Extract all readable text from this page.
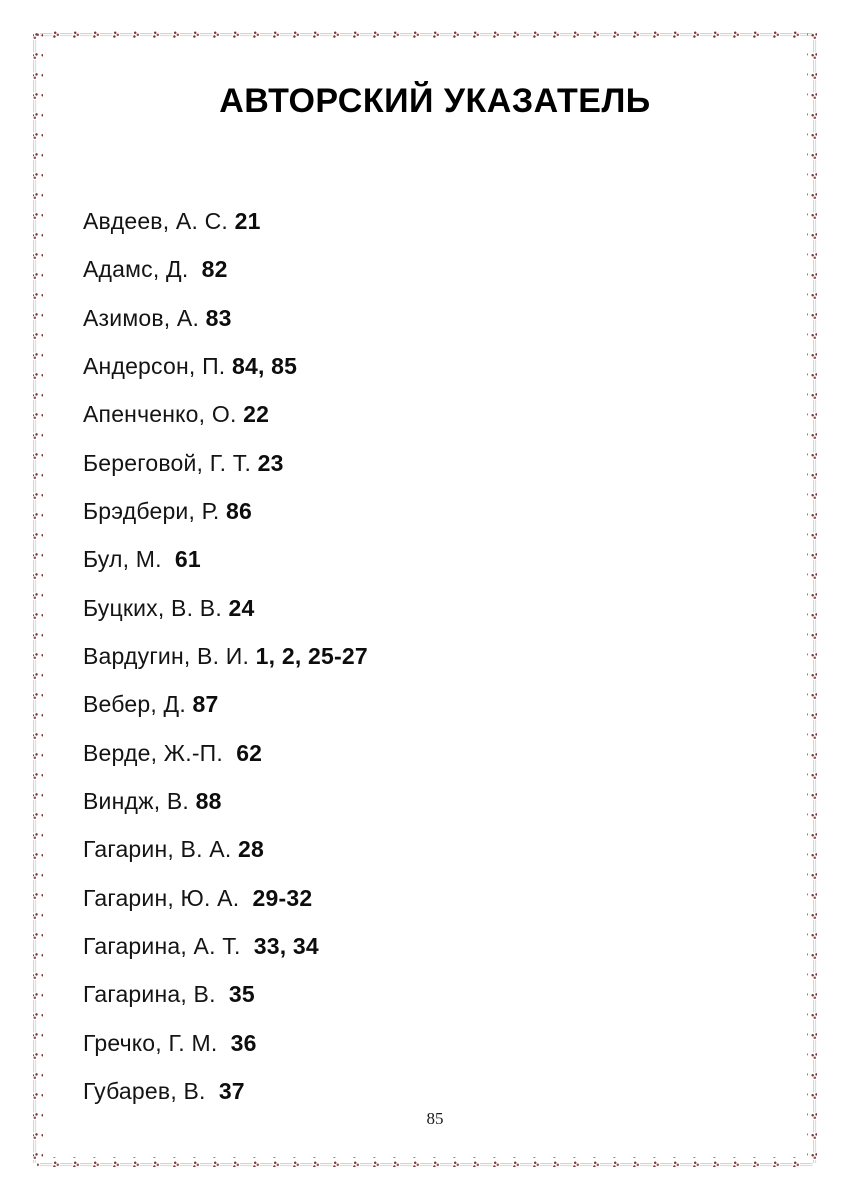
АВТОРСКИЙ УКАЗАТЕЛЬ
Авдеев, А. С. 21
Адамс, Д. 82
Азимов, А. 83
Андерсон, П. 84, 85
Апенченко, О. 22
Береговой, Г. Т. 23
Брэдбери, Р. 86
Бул, М. 61
Буцких, В. В. 24
Вардугин, В. И. 1, 2, 25-27
Вебер, Д. 87
Верде, Ж.-П. 62
Виндж, В. 88
Гагарин, В. А. 28
Гагарин, Ю. А. 29-32
Гагарина, А. Т. 33, 34
Гагарина, В. 35
Гречко, Г. М. 36
Губарев, В. 37
85
